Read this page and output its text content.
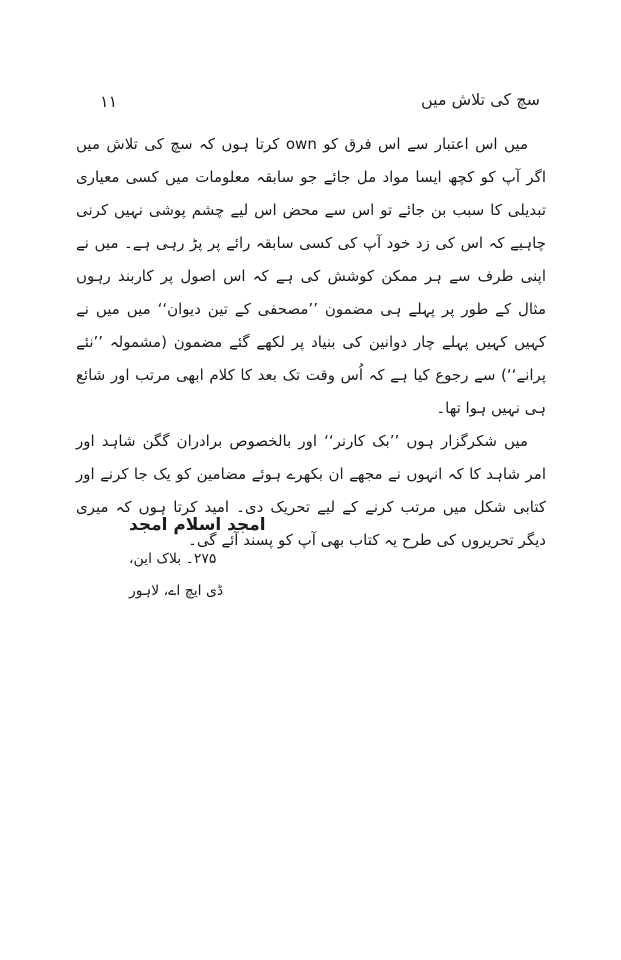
۱۱	سچ کی تلاش میں

میں اس اعتبار سے اس فرق کو own کرتا ہوں کہ سچ کی تلاش میں اگر آپ کو کچھ ایسا مواد مل جائے جو سابقہ معلومات میں کسی معیاری تبدیلی کا سبب بن جائے تو اس سے محض اس لیے چشم پوشی نہیں کرنی چاہیے کہ اس کی زد خود آپ کی کسی سابقہ رائے پر پڑ رہی ہے۔ میں نے اپنی طرف سے ہر ممکن کوشش کی ہے کہ اس اصول پر کاربند رہوں مثال کے طور پر پہلے ہی مضمون ’’مصحفی کے تین دیوان‘‘ میں میں نے کہیں کہیں پہلے چار دوانین کی بنیاد پر لکھے گئے مضمون (مشمولہ ’’نئے پرانے‘‘) سے رجوع کیا ہے کہ اُس وقت تک بعد کا کلام ابھی مرتب اور شائع ہی نہیں ہوا تھا۔

میں شکرگزار ہوں ’’بک کارنر‘‘ اور بالخصوص برادران گگن شاہد اور امر شاہد کا کہ انہوں نے مجھے ان بکھرے ہوئے مضامین کو یک جا کرنے اور کتابی شکل میں مرتب کرنے کے لیے تحریک دی۔ امید کرتا ہوں کہ میری دیگر تحریروں کی طرح یہ کتاب بھی آپ کو پسند آئے گی۔

امجد اسلام امجد
۲۷۵۔ بلاک این،
ڈی ایچ اے، لاہور
